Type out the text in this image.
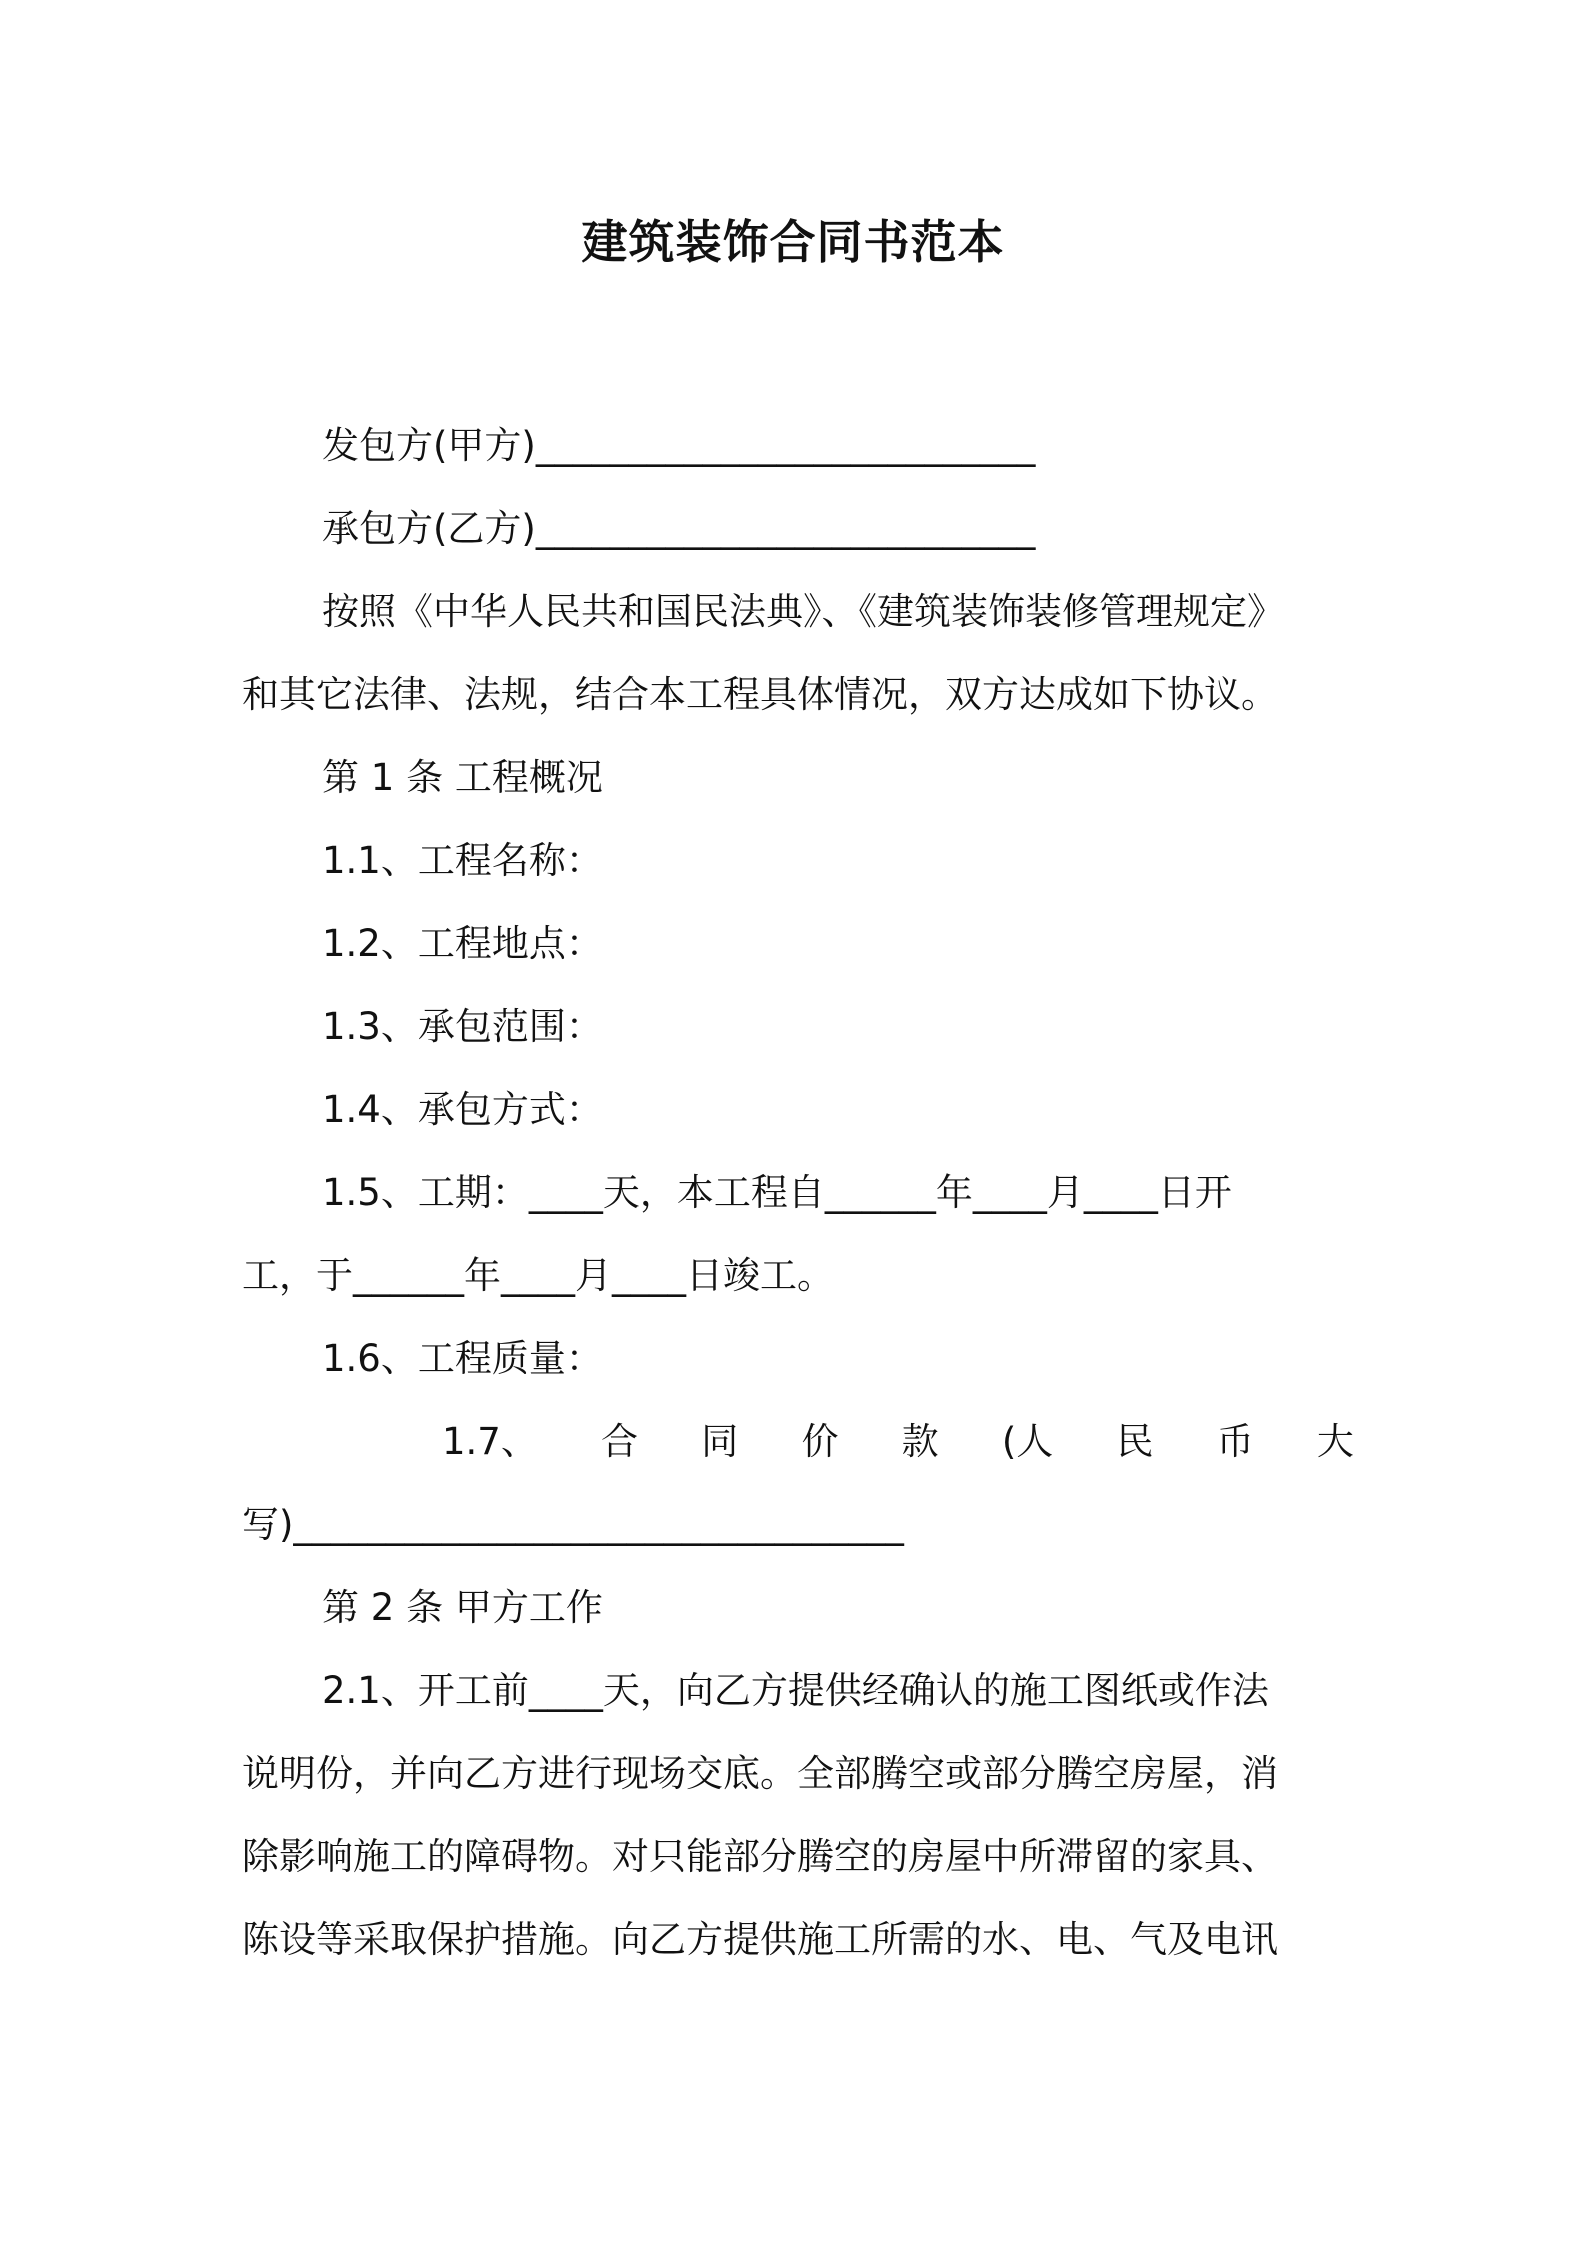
建筑装饰合同书范本
发包方(甲方)___________________________
承包方(乙方)___________________________
按照《中华人民共和国民法典》、《建筑装饰装修管理规定》
和其它法律、法规，结合本工程具体情况，双方达成如下协议。
第 1 条 工程概况
1.1、工程名称：
1.2、工程地点：
1.3、承包范围：
1.4、承包方式：
1.5、工期：____天，本工程自______年____月____日开
工，于______年____月____日竣工。
1.6、工程质量：
1.7、 合 同 价 款 (人 民 币 大
写)_________________________________
第 2 条 甲方工作
2.1、开工前____天，向乙方提供经确认的施工图纸或作法
说明份，并向乙方进行现场交底。全部腾空或部分腾空房屋，消
除影响施工的障碍物。对只能部分腾空的房屋中所滞留的家具、
陈设等采取保护措施。向乙方提供施工所需的水、电、气及电讯
